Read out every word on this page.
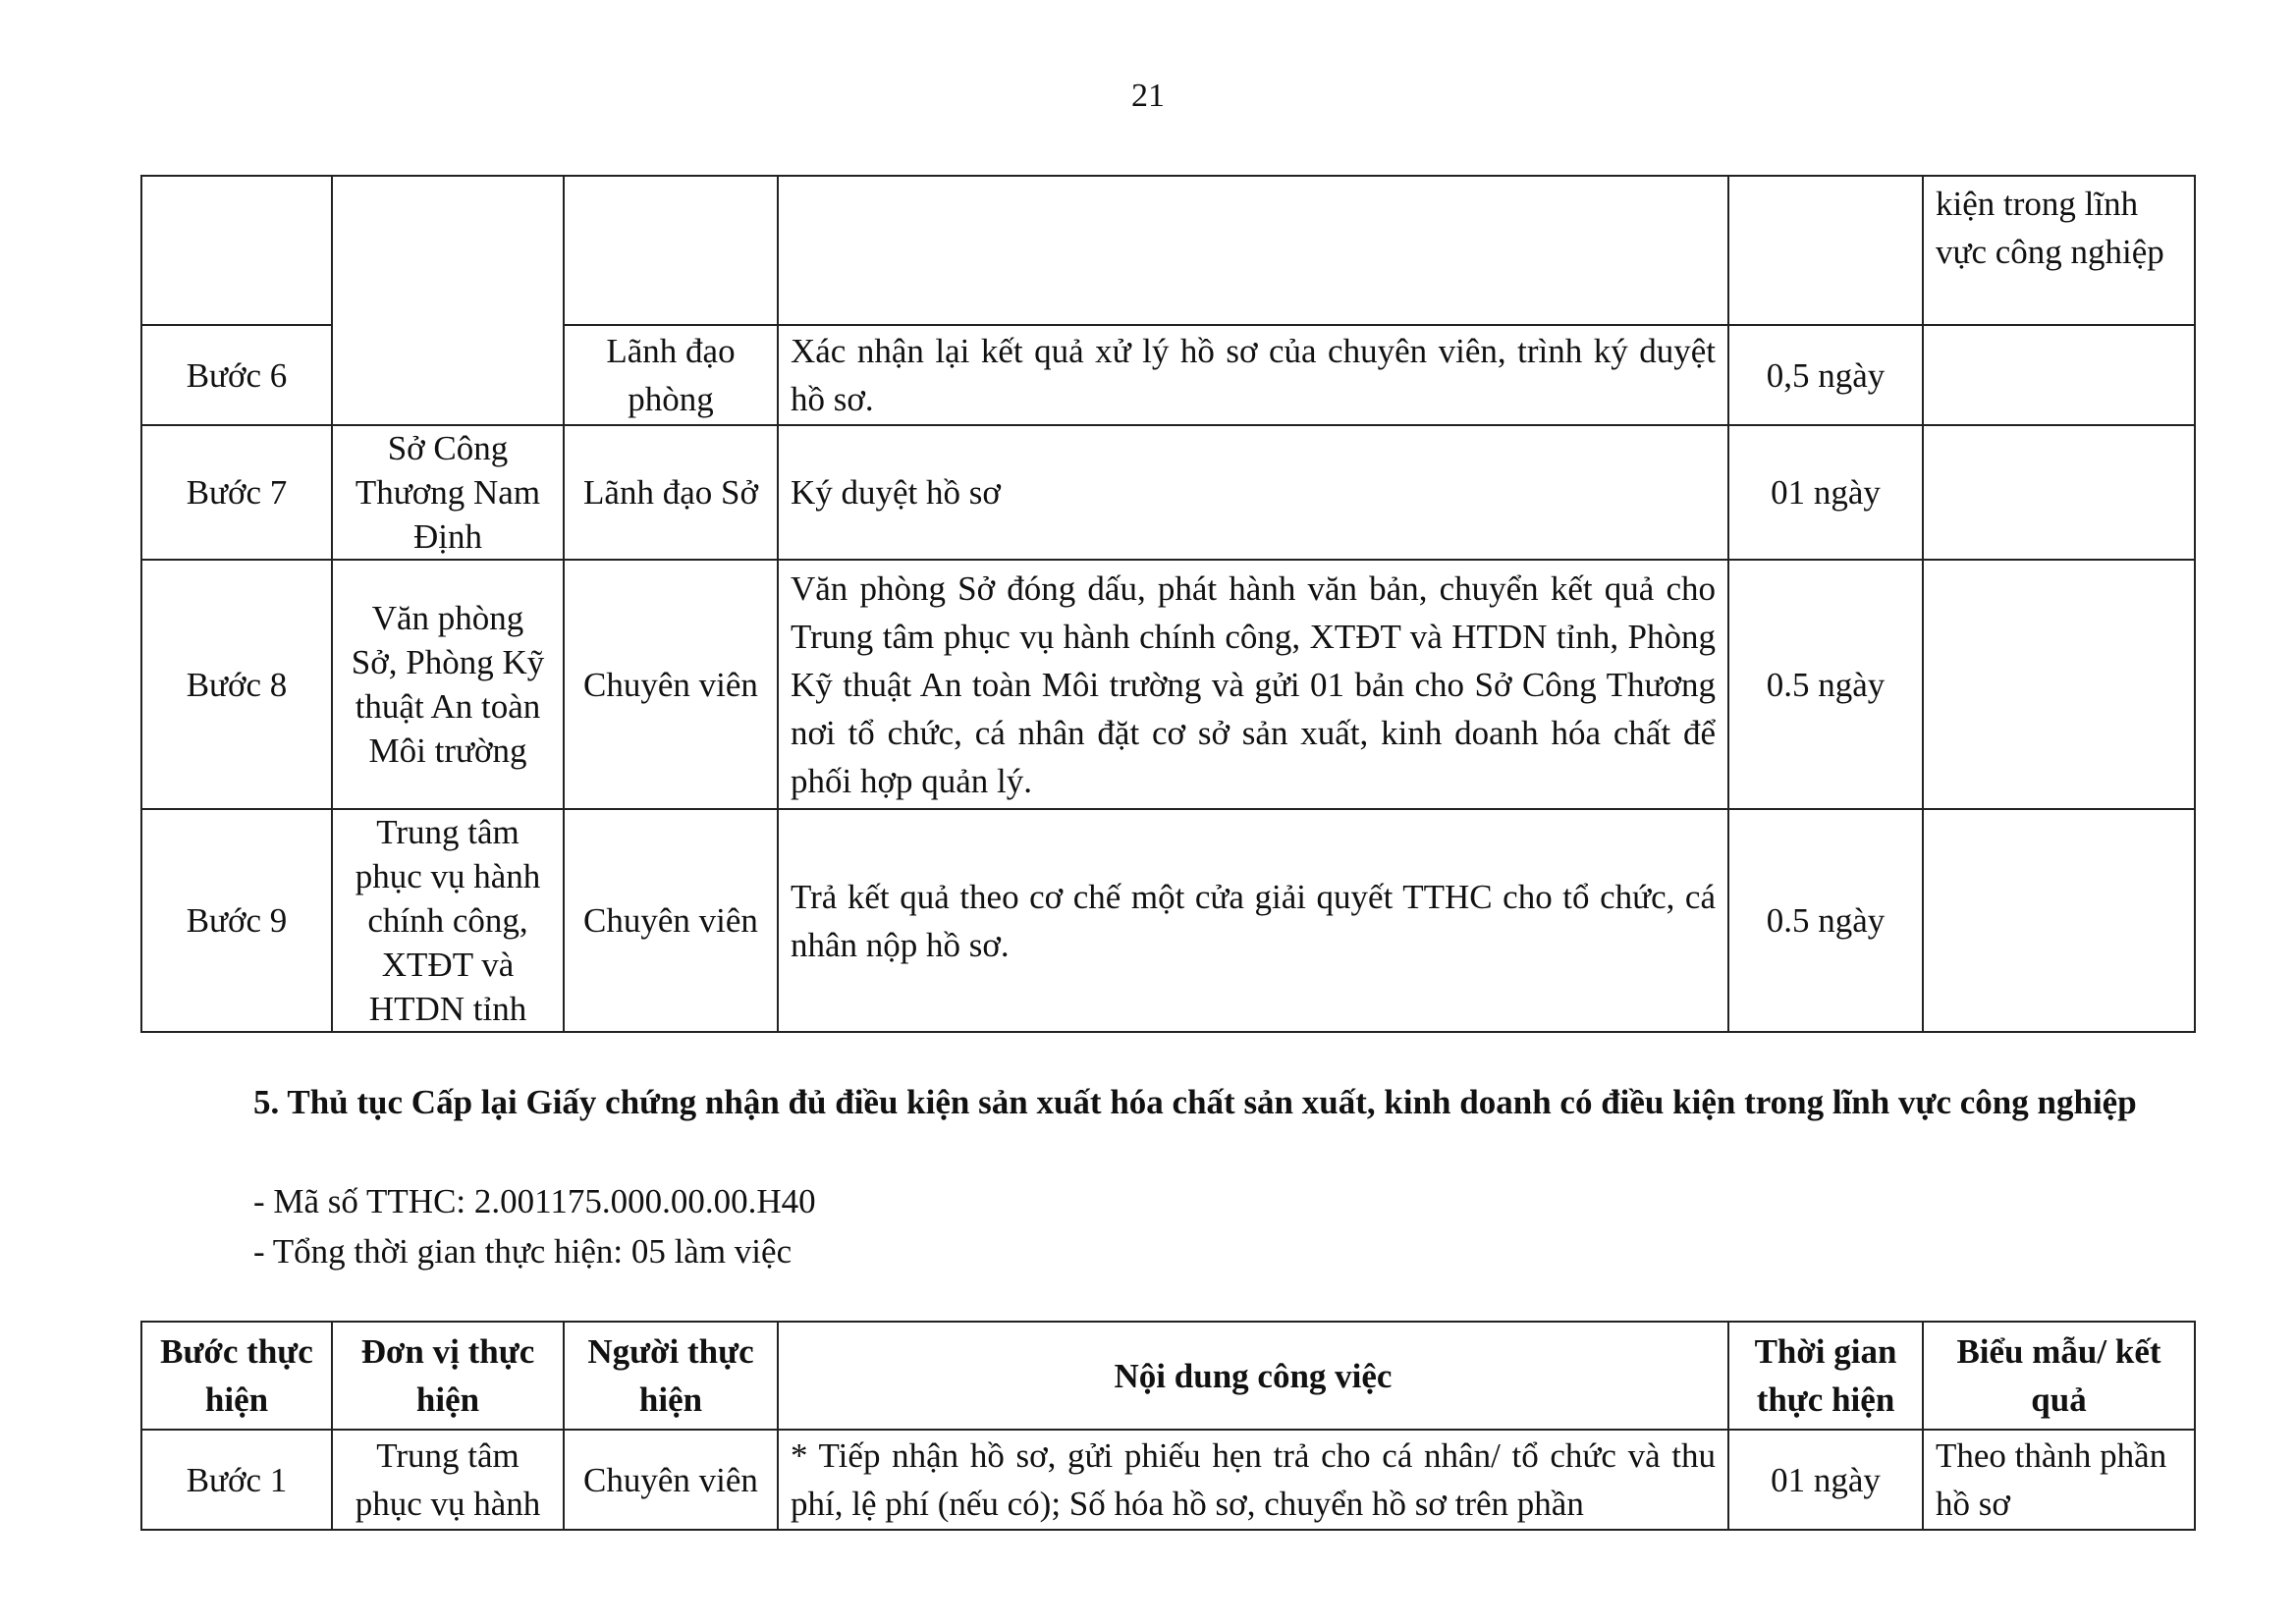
21
					kiện trong lĩnh vực công nghiệp
Bước 6		Lãnh đạo phòng	Xác nhận lại kết quả xử lý hồ sơ của chuyên viên, trình ký duyệt hồ sơ.	0,5 ngày	
Bước 7	Sở Công Thương Nam Định	Lãnh đạo Sở	Ký duyệt hồ sơ	01 ngày	
Bước 8	Văn phòng Sở, Phòng Kỹ thuật An toàn Môi trường	Chuyên viên	Văn phòng Sở đóng dấu, phát hành văn bản, chuyển kết quả cho Trung tâm phục vụ hành chính công, XTĐT và HTDN tỉnh, Phòng Kỹ thuật An toàn Môi trường và gửi 01 bản cho Sở Công Thương nơi tổ chức, cá nhân đặt cơ sở sản xuất, kinh doanh hóa chất để phối hợp quản lý.	0.5 ngày	
Bước 9	Trung tâm phục vụ hành chính công, XTĐT và HTDN tỉnh	Chuyên viên	Trả kết quả theo cơ chế một cửa giải quyết TTHC cho tổ chức, cá nhân nộp hồ sơ.	0.5 ngày	
5. Thủ tục Cấp lại Giấy chứng nhận đủ điều kiện sản xuất hóa chất sản xuất, kinh doanh có điều kiện trong lĩnh vực công nghiệp
- Mã số TTHC: 2.001175.000.00.00.H40
- Tổng thời gian thực hiện: 05 làm việc
Bước thực hiện	Đơn vị thực hiện	Người thực hiện	Nội dung công việc	Thời gian thực hiện	Biểu mẫu/ kết quả
Bước 1	Trung tâm phục vụ hành	Chuyên viên	* Tiếp nhận hồ sơ, gửi phiếu hẹn trả cho cá nhân/ tổ chức và thu phí, lệ phí (nếu có); Số hóa hồ sơ, chuyển hồ sơ trên phần	01 ngày	Theo thành phần hồ sơ
